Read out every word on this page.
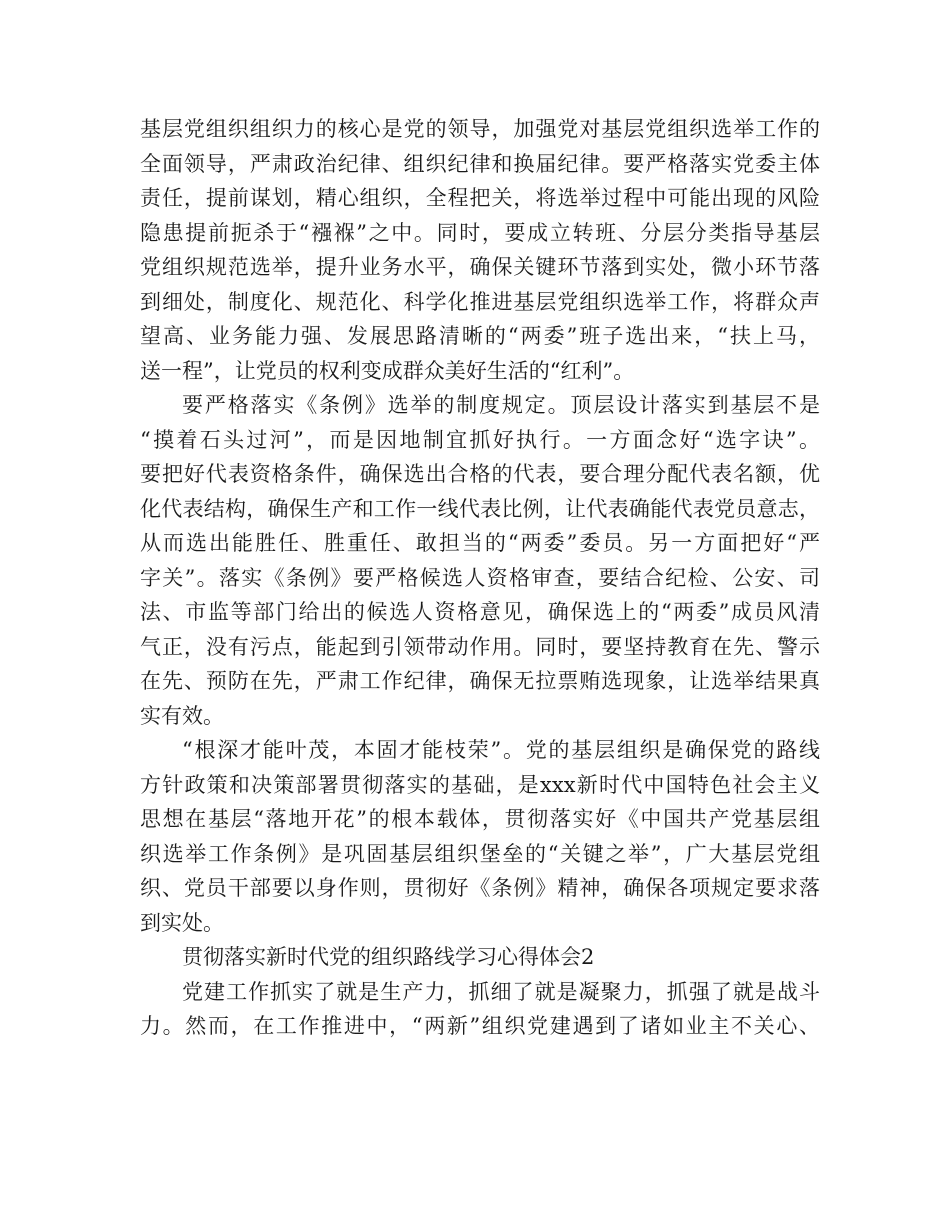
基层党组织组织力的核心是党的领导，加强党对基层党组织选举工作的
全面领导，严肃政治纪律、组织纪律和换届纪律。要严格落实党委主体
责任，提前谋划，精心组织，全程把关，将选举过程中可能出现的风险
隐患提前扼杀于“襁褓”之中。同时，要成立转班、分层分类指导基层
党组织规范选举，提升业务水平，确保关键环节落到实处，微小环节落
到细处，制度化、规范化、科学化推进基层党组织选举工作，将群众声
望高、业务能力强、发展思路清晰的“两委”班子选出来，“扶上马，
送一程”，让党员的权利变成群众美好生活的“红利”。
要严格落实《条例》选举的制度规定。顶层设计落实到基层不是
“摸着石头过河”，而是因地制宜抓好执行。一方面念好“选字诀”。
要把好代表资格条件，确保选出合格的代表，要合理分配代表名额，优
化代表结构，确保生产和工作一线代表比例，让代表确能代表党员意志，
从而选出能胜任、胜重任、敢担当的“两委”委员。另一方面把好“严
字关”。落实《条例》要严格候选人资格审查，要结合纪检、公安、司
法、市监等部门给出的候选人资格意见，确保选上的“两委”成员风清
气正，没有污点，能起到引领带动作用。同时，要坚持教育在先、警示
在先、预防在先，严肃工作纪律，确保无拉票贿选现象，让选举结果真
实有效。
“根深才能叶茂，本固才能枝荣”。党的基层组织是确保党的路线
方针政策和决策部署贯彻落实的基础，是xxx新时代中国特色社会主义
思想在基层“落地开花”的根本载体，贯彻落实好《中国共产党基层组
织选举工作条例》是巩固基层组织堡垒的“关键之举”，广大基层党组
织、党员干部要以身作则，贯彻好《条例》精神，确保各项规定要求落
到实处。
贯彻落实新时代党的组织路线学习心得体会2
党建工作抓实了就是生产力，抓细了就是凝聚力，抓强了就是战斗
力。然而，在工作推进中，“两新”组织党建遇到了诸如业主不关心、
